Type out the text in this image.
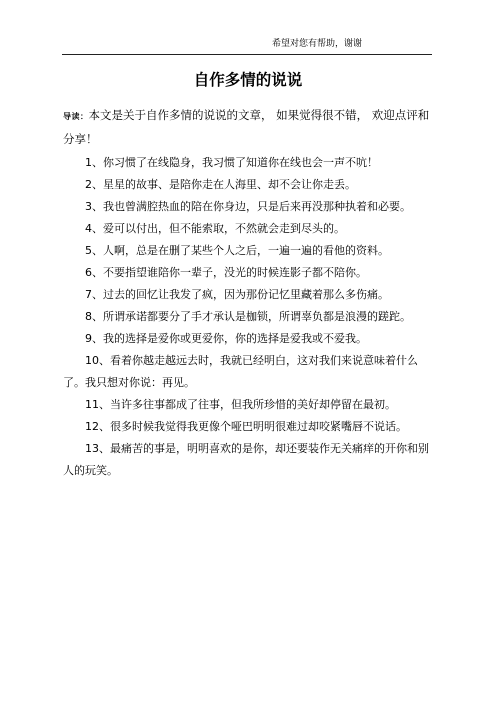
希望对您有帮助，谢谢
自作多情的说说

导读：本文是关于自作多情的说说的文章， 如果觉得很不错， 欢迎点评和分享！

1、你习惯了在线隐身，我习惯了知道你在线也会一声不吭！
2、星星的故事、是陪你走在人海里、却不会让你走丢。
3、我也曾满腔热血的陪在你身边，只是后来再没那种执着和必要。
4、爱可以付出，但不能索取，不然就会走到尽头的。
5、人啊，总是在删了某些个人之后，一遍一遍的看他的资料。
6、不要指望谁陪你一辈子，没光的时候连影子都不陪你。
7、过去的回忆让我发了疯，因为那份记忆里藏着那么多伤痛。
8、所谓承诺都要分了手才承认是枷锁，所谓辜负都是浪漫的蹉跎。
9、我的选择是爱你或更爱你，你的选择是爱我或不爱我。
10、看着你越走越远去时，我就已经明白，这对我们来说意味着什么了。我只想对你说：再见。
11、当许多往事都成了往事，但我所珍惜的美好却停留在最初。
12、很多时候我觉得我更像个哑巴明明很难过却咬紧嘴唇不说话。
13、最痛苦的事是，明明喜欢的是你，却还要装作无关痛痒的开你和别人的玩笑。
